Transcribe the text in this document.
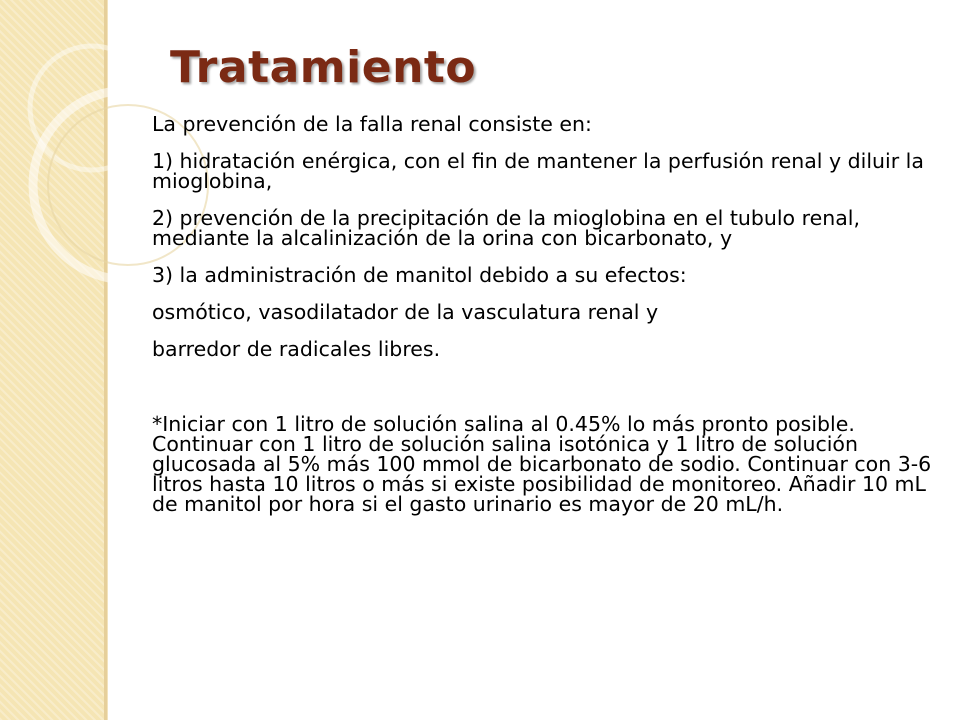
Tratamiento

La prevención de la falla renal consiste en:

1) hidratación enérgica, con el fin de mantener la perfusión renal y diluir la mioglobina,

2) prevención de la precipitación de la mioglobina en el tubulo renal, mediante la alcalinización de la orina con bicarbonato, y

3) la administración de manitol debido a su efectos:

osmótico, vasodilatador de la vasculatura renal y

barredor de radicales libres.

*Iniciar con 1 litro de solución salina al 0.45% lo más pronto posible. Continuar con 1 litro de solución salina isotónica y 1 litro de solución glucosada al 5% más 100 mmol de bicarbonato de sodio. Continuar con 3-6 litros hasta 10 litros o más si existe posibilidad de monitoreo. Añadir 10 mL de manitol por hora si el gasto urinario es mayor de 20 mL/h.
